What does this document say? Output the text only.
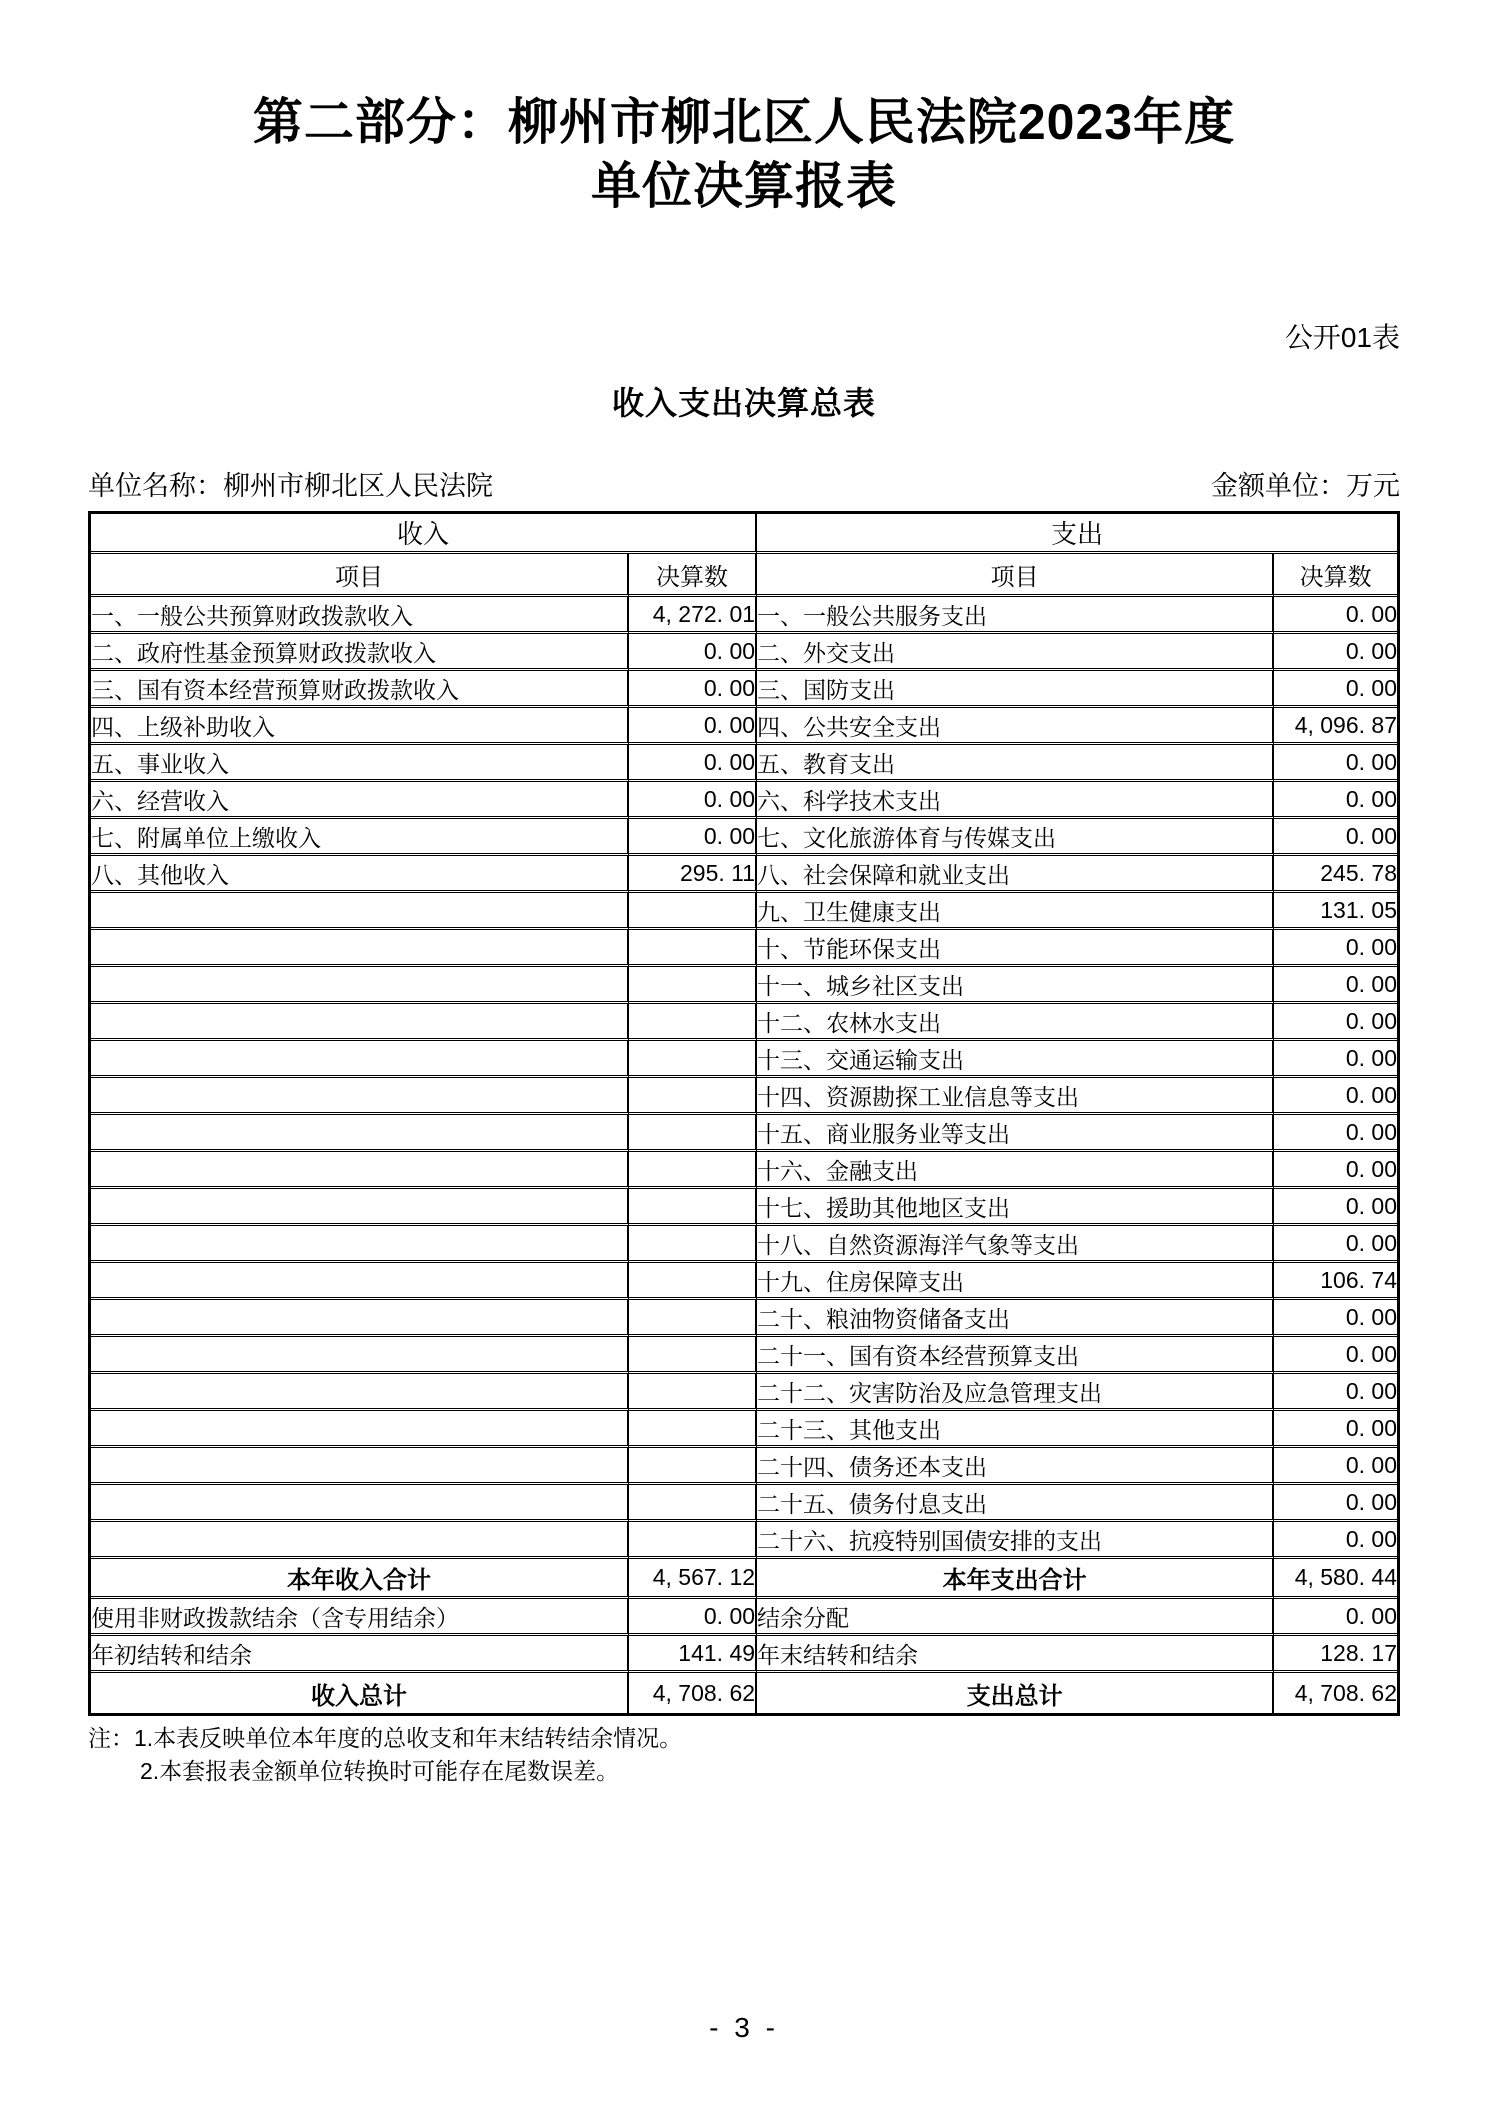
第二部分：柳州市柳北区人民法院2023年度
单位决算报表
公开01表
收入支出决算总表
单位名称：柳州市柳北区人民法院	金额单位：万元
收入		支出	
项目	决算数	项目	决算数
一、一般公共预算财政拨款收入	4, 272. 01	一、一般公共服务支出	0. 00
二、政府性基金预算财政拨款收入	0. 00	二、外交支出	0. 00
三、国有资本经营预算财政拨款收入	0. 00	三、国防支出	0. 00
四、上级补助收入	0. 00	四、公共安全支出	4, 096. 87
五、事业收入	0. 00	五、教育支出	0. 00
六、经营收入	0. 00	六、科学技术支出	0. 00
七、附属单位上缴收入	0. 00	七、文化旅游体育与传媒支出	0. 00
八、其他收入	295. 11	八、社会保障和就业支出	245. 78
		九、卫生健康支出	131. 05
		十、节能环保支出	0. 00
		十一、城乡社区支出	0. 00
		十二、农林水支出	0. 00
		十三、交通运输支出	0. 00
		十四、资源勘探工业信息等支出	0. 00
		十五、商业服务业等支出	0. 00
		十六、金融支出	0. 00
		十七、援助其他地区支出	0. 00
		十八、自然资源海洋气象等支出	0. 00
		十九、住房保障支出	106. 74
		二十、粮油物资储备支出	0. 00
		二十一、国有资本经营预算支出	0. 00
		二十二、灾害防治及应急管理支出	0. 00
		二十三、其他支出	0. 00
		二十四、债务还本支出	0. 00
		二十五、债务付息支出	0. 00
		二十六、抗疫特别国债安排的支出	0. 00
本年收入合计	4, 567. 12	本年支出合计	4, 580. 44
使用非财政拨款结余（含专用结余）	0. 00	结余分配	0. 00
年初结转和结余	141. 49	年末结转和结余	128. 17
收入总计	4, 708. 62	支出总计	4, 708. 62
注：1.本表反映单位本年度的总收支和年末结转结余情况。
2.本套报表金额单位转换时可能存在尾数误差。
- 3 -
